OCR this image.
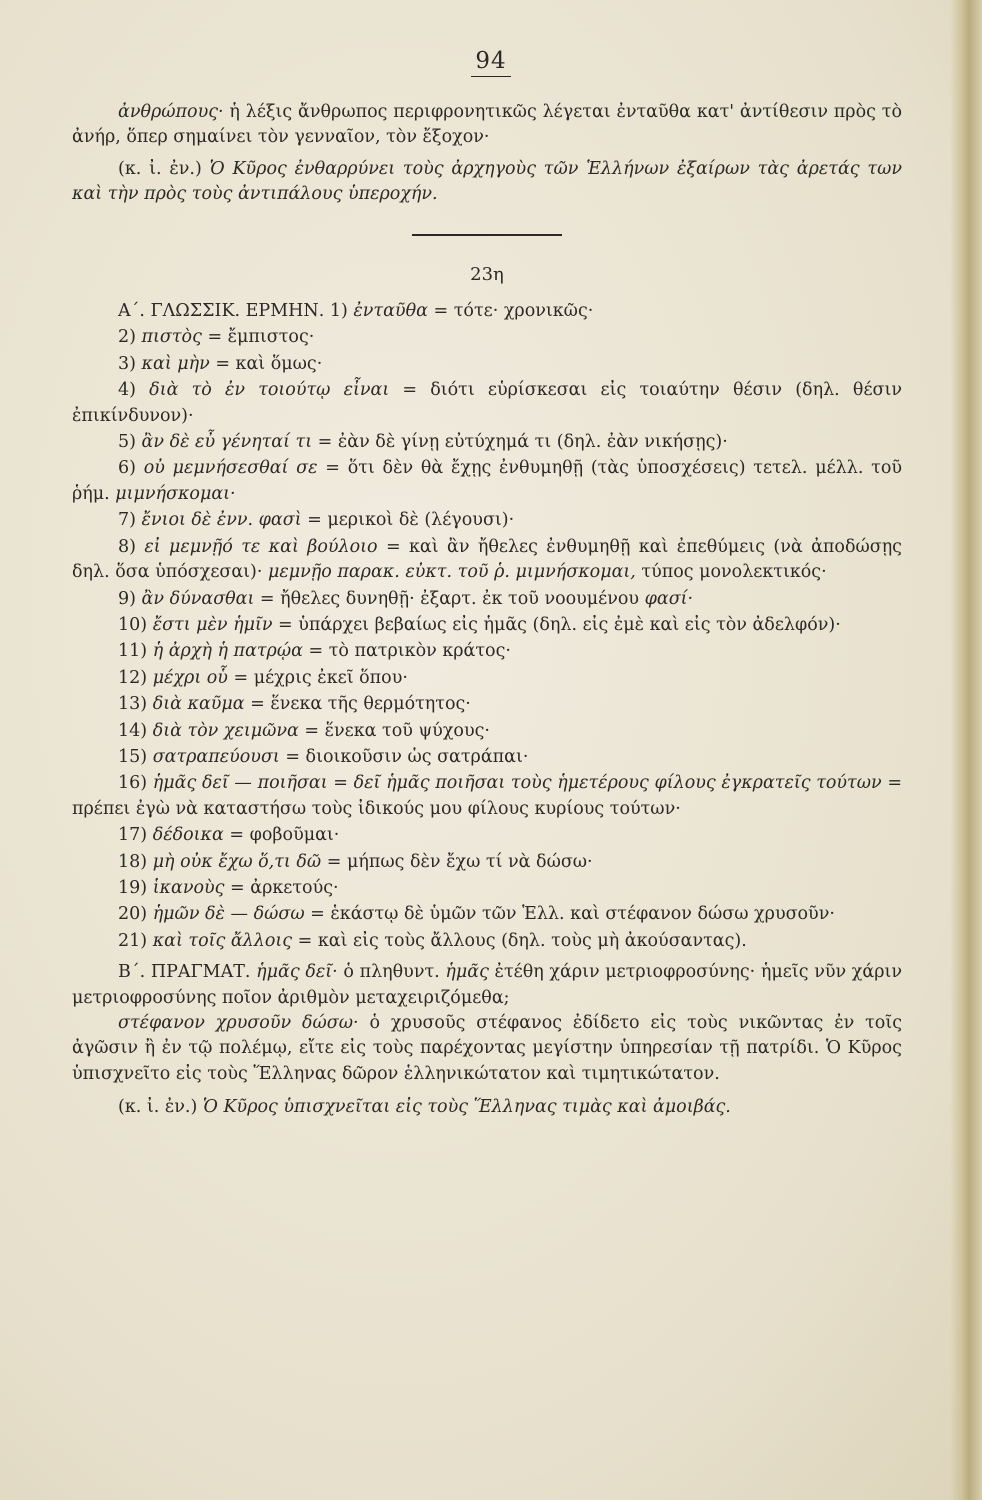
94

ἀνθρώπους· ἡ λέξις ἄνθρωπος περιφρονητικῶς λέγεται ἐνταῦθα κατ' ἀντίθεσιν πρὸς τὸ ἀνήρ, ὅπερ σημαίνει τὸν γενναῖον, τὸν ἔξοχον·

(κ. ἰ. ἐν.) Ὁ Κῦρος ἐνθαρρύνει τοὺς ἀρχηγοὺς τῶν Ἑλλήνων ἐξαίρων τὰς ἀρετάς των καὶ τὴν πρὸς τοὺς ἀντιπάλους ὑπεροχήν.

23η

Α΄. ΓΛΩΣΣΙΚ. ΕΡΜΗΝ. 1) ἐνταῦθα = τότε· χρονικῶς·

2) πιστὸς = ἔμπιστος·

3) καὶ μὴν = καὶ ὅμως·

4) διὰ τὸ ἐν τοιούτῳ εἶναι = διότι εὑρίσκεσαι εἰς τοιαύτην θέσιν (δηλ. θέσιν ἐπικίνδυνον)·

5) ἂν δὲ εὖ γένηταί τι = ἐὰν δὲ γίνῃ εὐτύχημά τι (δηλ. ἐὰν νικήσῃς)·

6) οὐ μεμνήσεσθαί σε = ὅτι δὲν θὰ ἔχῃς ἐνθυμηθῇ (τὰς ὑποσχέσεις) τετελ. μέλλ. τοῦ ῥήμ. μιμνήσκομαι·

7) ἔνιοι δὲ ἐνν. φασὶ = μερικοὶ δὲ (λέγουσι)·

8) εἰ μεμνῇό τε καὶ βούλοιο = καὶ ἂν ἤθελες ἐνθυμηθῇ καὶ ἐπεθύμεις (νὰ ἀποδώσῃς δηλ. ὅσα ὑπόσχεσαι)· μεμνῇο παρακ. εὐκτ. τοῦ ῥ. μιμνήσκομαι, τύπος μονολεκτικός·

9) ἂν δύνασθαι = ἤθελες δυνηθῇ· ἐξαρτ. ἐκ τοῦ νοουμένου φασί·

10) ἔστι μὲν ἡμῖν = ὑπάρχει βεβαίως εἰς ἡμᾶς (δηλ. εἰς ἐμὲ καὶ εἰς τὸν ἀδελφόν)·

11) ἡ ἀρχὴ ἡ πατρῴα = τὸ πατρικὸν κράτος·

12) μέχρι οὗ = μέχρις ἐκεῖ ὅπου·

13) διὰ καῦμα = ἕνεκα τῆς θερμότητος·

14) διὰ τὸν χειμῶνα = ἕνεκα τοῦ ψύχους·

15) σατραπεύουσι = διοικοῦσιν ὡς σατράπαι·

16) ἡμᾶς δεῖ — ποιῆσαι = δεῖ ἡμᾶς ποιῆσαι τοὺς ἡμετέρους φίλους ἐγκρατεῖς τούτων = πρέπει ἐγὼ νὰ καταστήσω τοὺς ἰδικούς μου φίλους κυρίους τούτων·

17) δέδοικα = φοβοῦμαι·

18) μὴ οὐκ ἔχω ὅ,τι δῶ = μήπως δὲν ἔχω τί νὰ δώσω·

19) ἱκανοὺς = ἀρκετούς·

20) ἡμῶν δὲ — δώσω = ἑκάστῳ δὲ ὑμῶν τῶν Ἑλλ. καὶ στέφανον δώσω χρυσοῦν·

21) καὶ τοῖς ἄλλοις = καὶ εἰς τοὺς ἄλλους (δηλ. τοὺς μὴ ἀκούσαντας).

Β΄. ΠΡΑΓΜΑΤ. ἡμᾶς δεῖ· ὁ πληθυντ. ἡμᾶς ἐτέθη χάριν μετριοφροσύνης· ἡμεῖς νῦν χάριν μετριοφροσύνης ποῖον ἀριθμὸν μεταχειριζόμεθα;

στέφανον χρυσοῦν δώσω· ὁ χρυσοῦς στέφανος ἐδίδετο εἰς τοὺς νικῶντας ἐν τοῖς ἀγῶσιν ἢ ἐν τῷ πολέμῳ, εἴτε εἰς τοὺς παρέχοντας μεγίστην ὑπηρεσίαν τῇ πατρίδι. Ὁ Κῦρος ὑπισχνεῖτο εἰς τοὺς Ἕλληνας δῶρον ἑλληνικώτατον καὶ τιμητικώτατον.

(κ. ἰ. ἐν.) Ὁ Κῦρος ὑπισχνεῖται εἰς τοὺς Ἕλληνας τιμὰς καὶ ἀμοιβάς.
